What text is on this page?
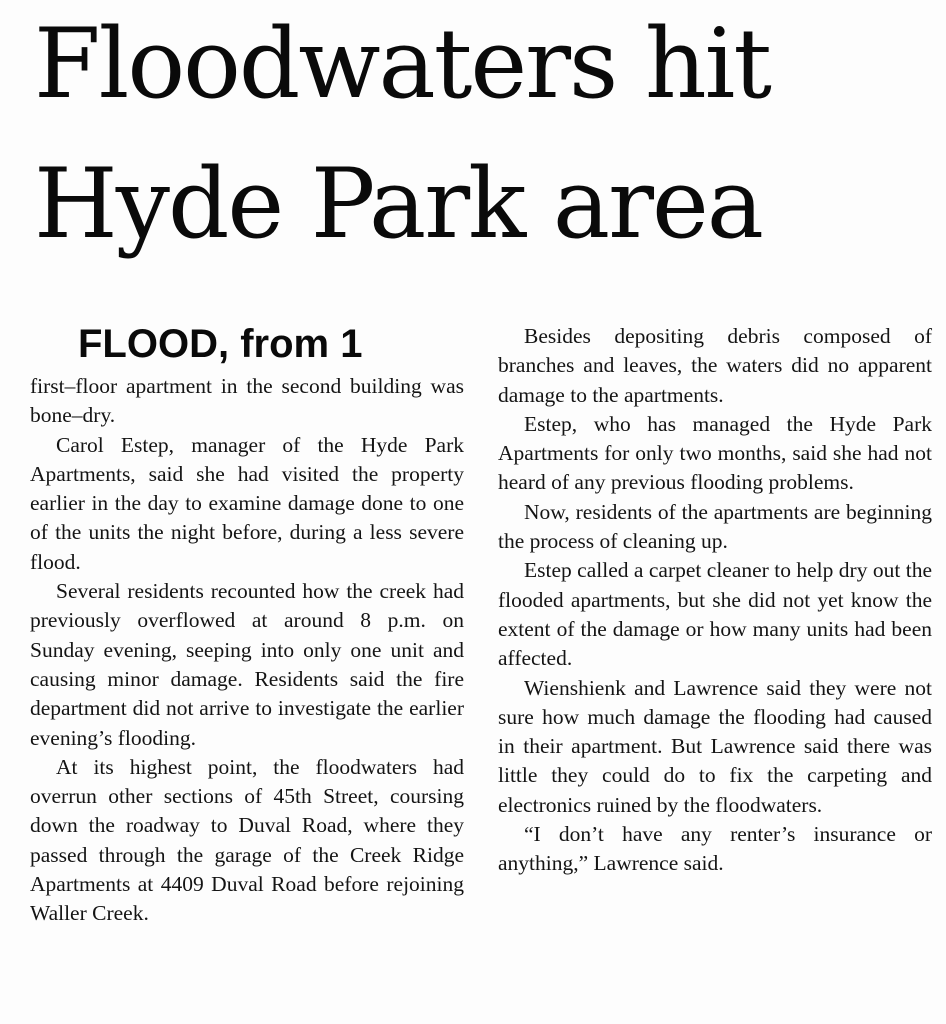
Floodwaters hit
Hyde Park area
FLOOD, from 1

first–floor apartment in the second building was bone–dry.

Carol Estep, manager of the Hyde Park Apartments, said she had visited the property earlier in the day to examine damage done to one of the units the night before, during a less severe flood.

Several residents recounted how the creek had previously overflowed at around 8 p.m. on Sunday evening, seeping into only one unit and causing minor damage. Residents said the fire department did not arrive to investigate the earlier evening’s flooding.

At its highest point, the floodwaters had overrun other sections of 45th Street, coursing down the roadway to Duval Road, where they passed through the garage of the Creek Ridge Apartments at 4409 Duval Road before rejoining Waller Creek.

Besides depositing debris composed of branches and leaves, the waters did no apparent damage to the apartments.

Estep, who has managed the Hyde Park Apartments for only two months, said she had not heard of any previous flooding problems.

Now, residents of the apartments are beginning the process of cleaning up.

Estep called a carpet cleaner to help dry out the flooded apartments, but she did not yet know the extent of the damage or how many units had been affected.

Wienshienk and Lawrence said they were not sure how much damage the flooding had caused in their apartment. But Lawrence said there was little they could do to fix the carpeting and electronics ruined by the floodwaters.

“I don’t have any renter’s insurance or anything,” Lawrence said.
